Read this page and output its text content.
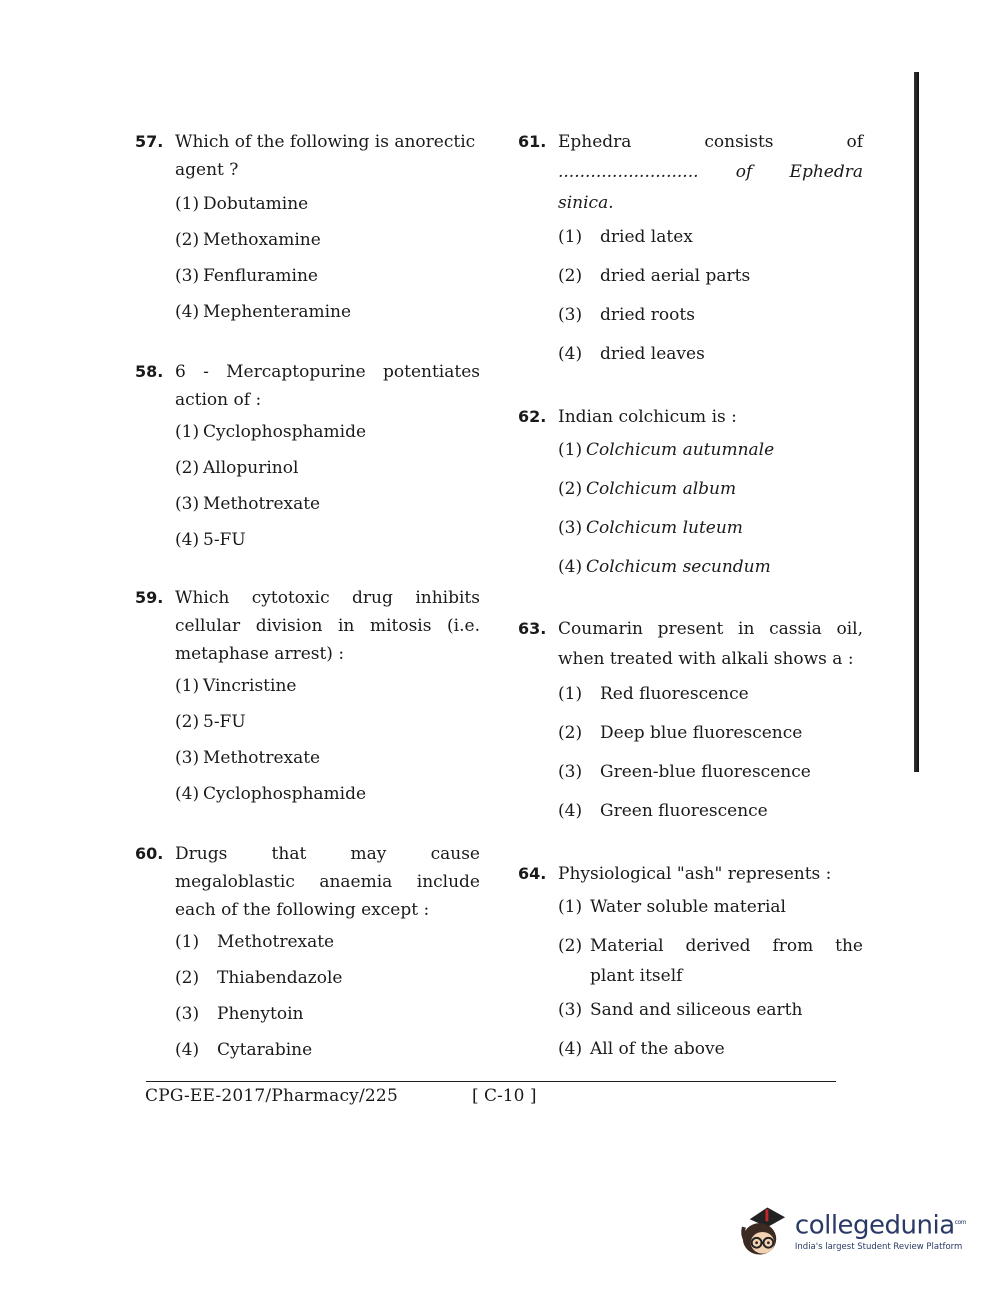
57. Which of the following is anorectic
agent ?
(1) Dobutamine
(2) Methoxamine
(3) Fenfluramine
(4) Mephenteramine
58. 6 - Mercaptopurine potentiates
action of :
(1) Cyclophosphamide
(2) Allopurinol
(3) Methotrexate
(4) 5-FU
59. Which cytotoxic drug inhibits
cellular division in mitosis (i.e.
metaphase arrest) :
(1) Vincristine
(2) 5-FU
(3) Methotrexate
(4) Cyclophosphamide
60. Drugs that may cause
megaloblastic anaemia include
each of the following except :
(1)	Methotrexate
(2)	Thiabendazole
(3)	Phenytoin
(4)	Cytarabine
61. Ephedra consists of
.......................... of Ephedra
sinica.
(1)	dried latex
(2)	dried aerial parts
(3)	dried roots
(4)	dried leaves
62. Indian colchicum is :
(1) Colchicum autumnale
(2) Colchicum album
(3) Colchicum luteum
(4) Colchicum secundum
63. Coumarin present in cassia oil,
when treated with alkali shows a :
(1)	Red fluorescence
(2)	Deep blue fluorescence
(3)	Green-blue fluorescence
(4)	Green fluorescence
64. Physiological "ash" represents :
(1) Water soluble material
(2) Material derived from the
plant itself
(3) Sand and siliceous earth
(4) All of the above
CPG-EE-2017/Pharmacy/225	[ C-10 ]
collegedunia$^{com}$
India's largest Student Review Platform
